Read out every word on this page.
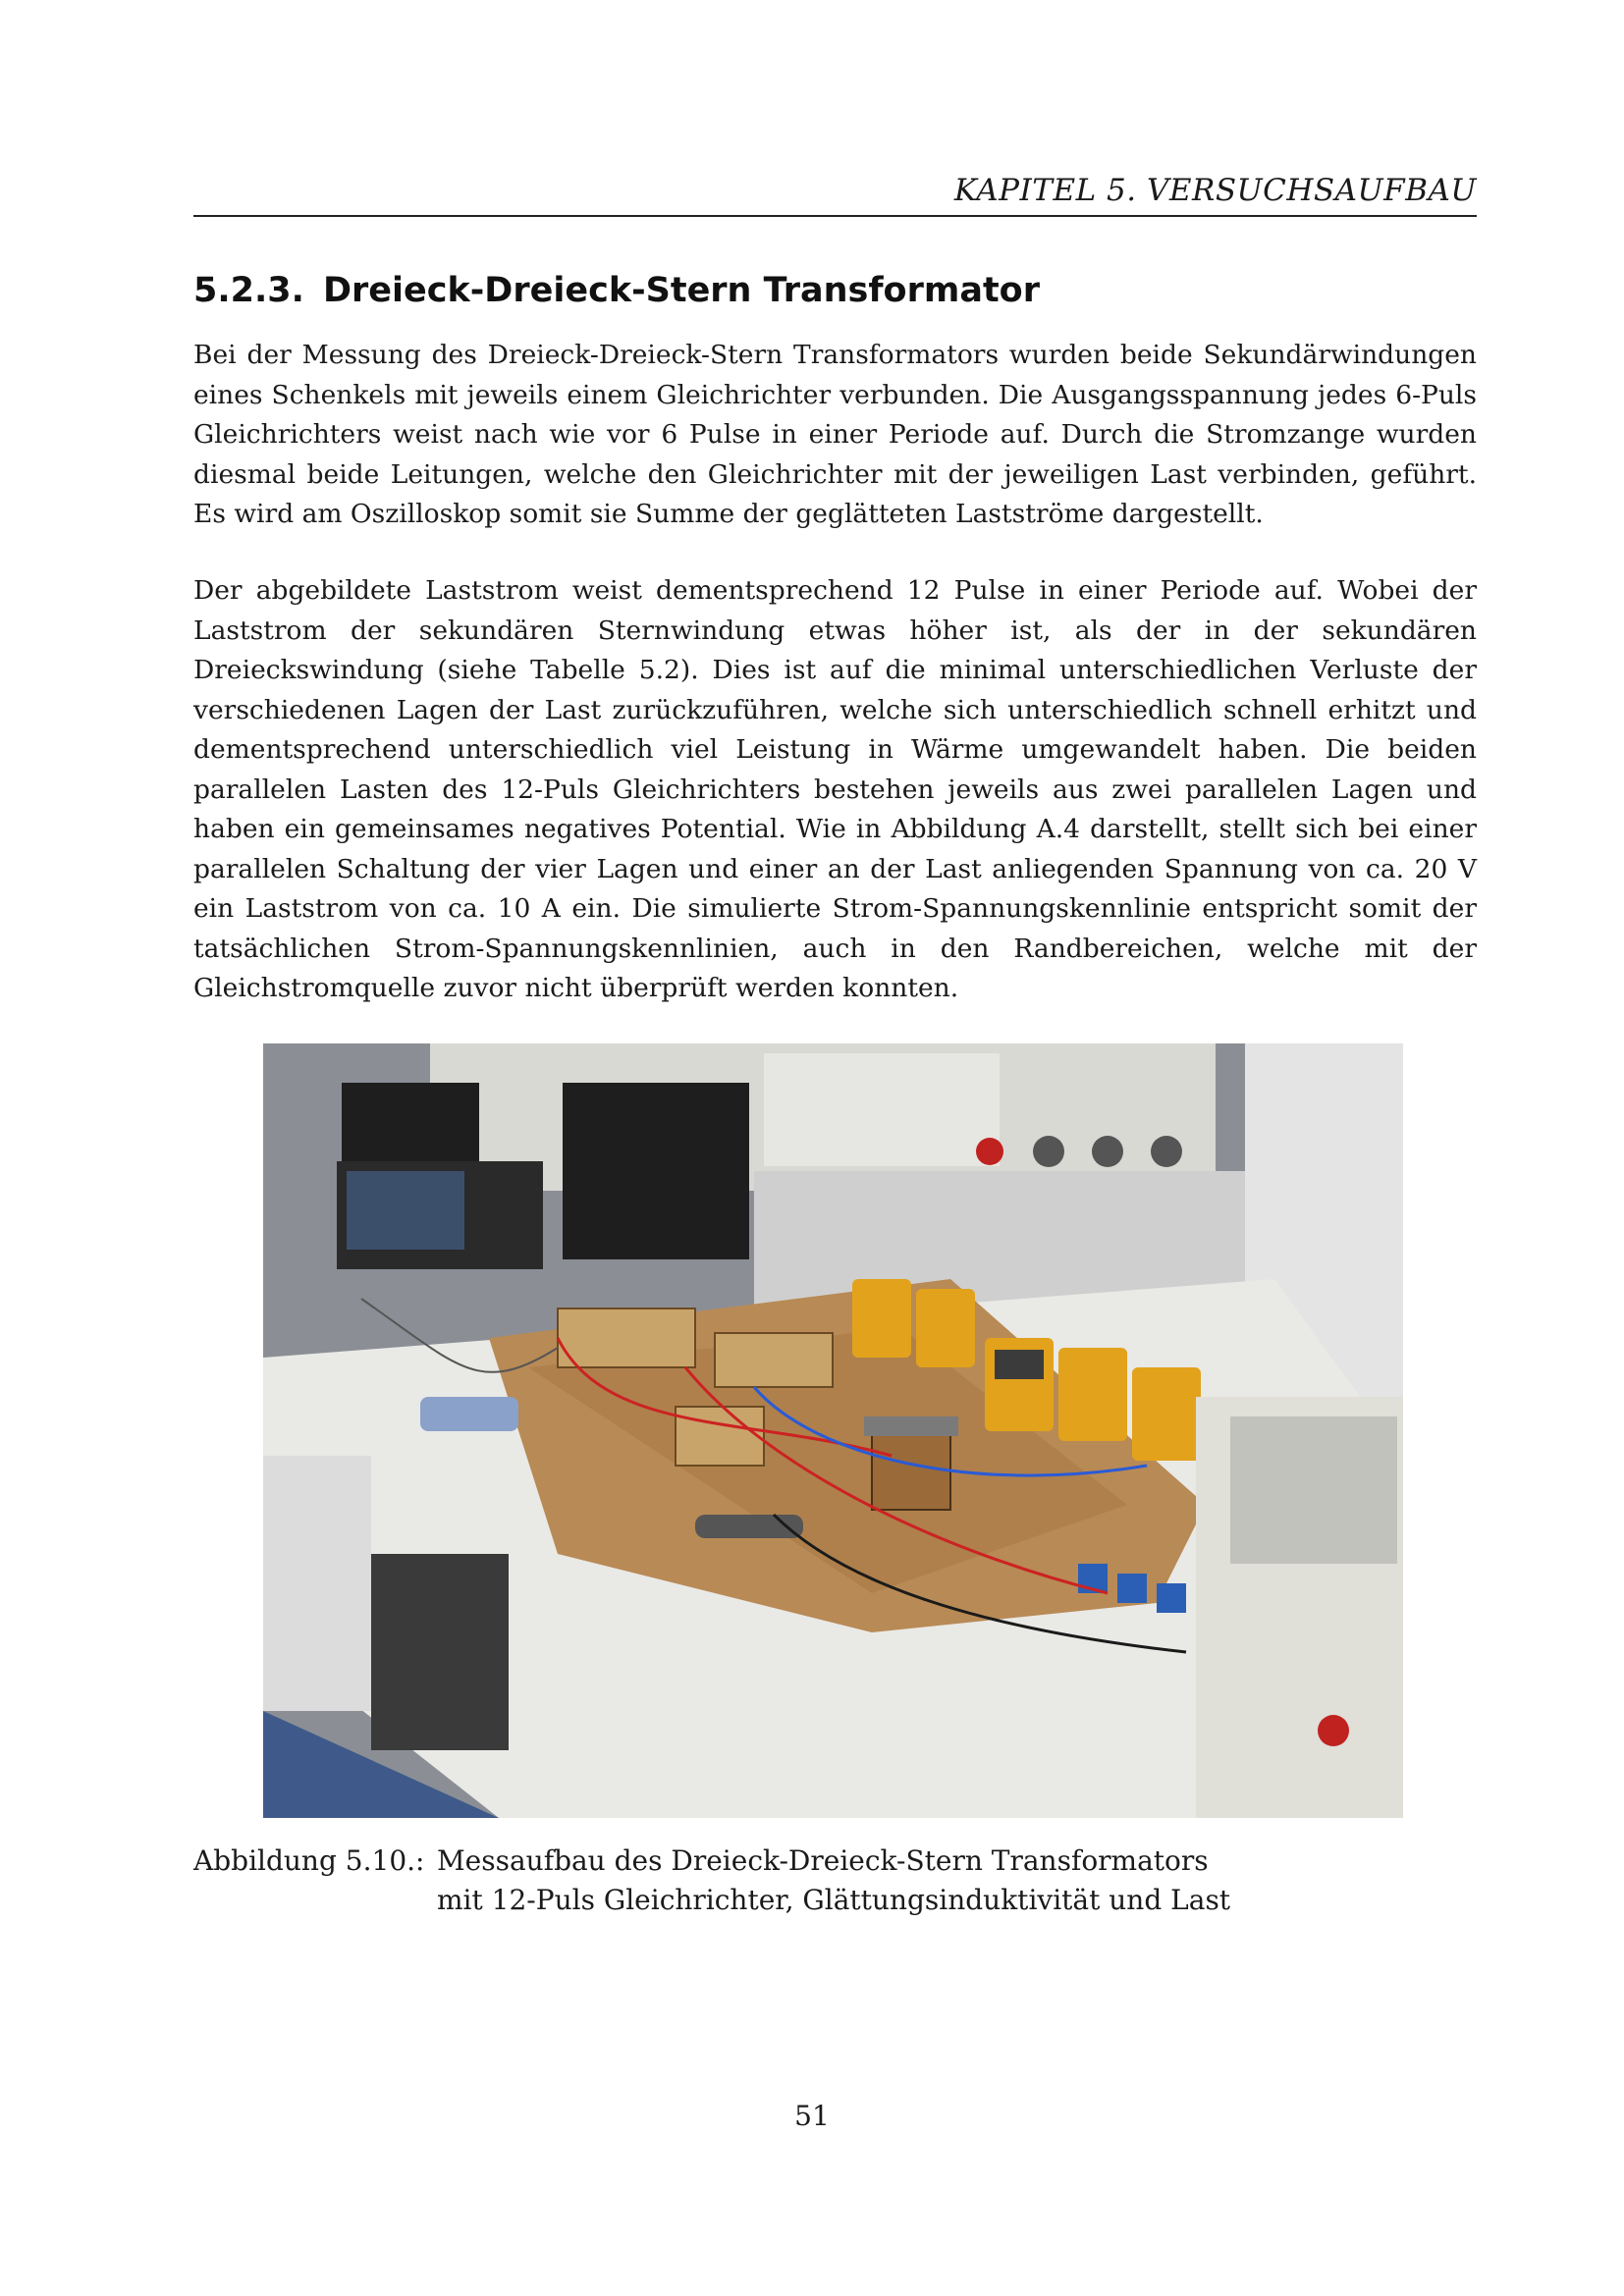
KAPITEL 5. VERSUCHSAUFBAU
5.2.3. Dreieck-Dreieck-Stern Transformator

Bei der Messung des Dreieck-Dreieck-Stern Transformators wurden beide Sekundärwindungen eines Schenkels mit jeweils einem Gleichrichter verbunden. Die Ausgangsspannung jedes 6-Puls Gleichrichters weist nach wie vor 6 Pulse in einer Periode auf. Durch die Stromzange wurden diesmal beide Leitungen, welche den Gleichrichter mit der jeweiligen Last verbinden, geführt. Es wird am Oszilloskop somit sie Summe der geglätteten Lastströme dargestellt.

Der abgebildete Laststrom weist dementsprechend 12 Pulse in einer Periode auf. Wobei der Laststrom der sekundären Sternwindung etwas höher ist, als der in der sekundären Dreieckswindung (siehe Tabelle 5.2). Dies ist auf die minimal unterschiedlichen Verluste der verschiedenen Lagen der Last zurückzuführen, welche sich unterschiedlich schnell erhitzt und dementsprechend unterschiedlich viel Leistung in Wärme umgewandelt haben. Die beiden parallelen Lasten des 12-Puls Gleichrichters bestehen jeweils aus zwei parallelen Lagen und haben ein gemeinsames negatives Potential. Wie in Abbildung A.4 darstellt, stellt sich bei einer parallelen Schaltung der vier Lagen und einer an der Last anliegenden Spannung von ca. 20 V ein Laststrom von ca. 10 A ein. Die simulierte Strom-Spannungskennlinie entspricht somit der tatsächlichen Strom-Spannungskennlinien, auch in den Randbereichen, welche mit der Gleichstromquelle zuvor nicht überprüft werden konnten.

Abbildung 5.10.: Messaufbau des Dreieck-Dreieck-Stern Transformators
mit 12-Puls Gleichrichter, Glättungsinduktivität und Last
51
